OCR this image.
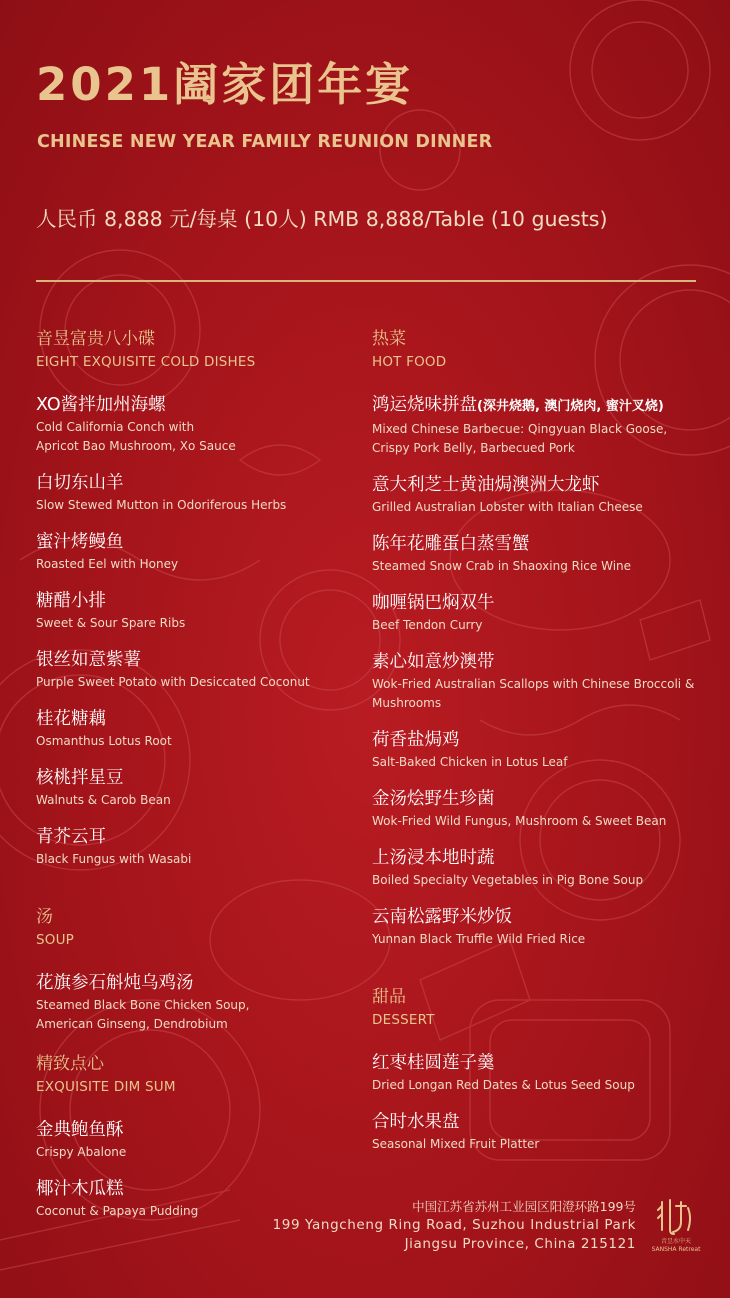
2021阖家团年宴
CHINESE NEW YEAR FAMILY REUNION DINNER
人民币 8,888 元/每桌 (10人) RMB 8,888/Table (10 guests)
音昱富贵八小碟
EIGHT EXQUISITE COLD DISHES
XO酱拌加州海螺
Cold California Conch with
Apricot Bao Mushroom, Xo Sauce
白切东山羊
Slow Stewed Mutton in Odoriferous Herbs
蜜汁烤鳗鱼
Roasted Eel with Honey
糖醋小排
Sweet & Sour Spare Ribs
银丝如意紫薯
Purple Sweet Potato with Desiccated Coconut
桂花糖藕
Osmanthus Lotus Root
核桃拌星豆
Walnuts & Carob Bean
青芥云耳
Black Fungus with Wasabi
汤
SOUP
花旗参石斛炖乌鸡汤
Steamed Black Bone Chicken Soup,
American Ginseng, Dendrobium
精致点心
EXQUISITE DIM SUM
金典鲍鱼酥
Crispy Abalone
椰汁木瓜糕
Coconut & Papaya Pudding
热菜
HOT FOOD
鸿运烧味拼盘(深井烧鹅, 澳门烧肉, 蜜汁叉烧)
Mixed Chinese Barbecue: Qingyuan Black Goose,
Crispy Pork Belly, Barbecued Pork
意大利芝士黄油焗澳洲大龙虾
Grilled Australian Lobster with Italian Cheese
陈年花雕蛋白蒸雪蟹
Steamed Snow Crab in Shaoxing Rice Wine
咖喱锅巴焖双牛
Beef Tendon Curry
素心如意炒澳带
Wok-Fried Australian Scallops with Chinese Broccoli &
Mushrooms
荷香盐焗鸡
Salt-Baked Chicken in Lotus Leaf
金汤烩野生珍菌
Wok-Fried Wild Fungus, Mushroom & Sweet Bean
上汤浸本地时蔬
Boiled Specialty Vegetables in Pig Bone Soup
云南松露野米炒饭
Yunnan Black Truffle Wild Fried Rice
甜品
DESSERT
红枣桂圆莲子羹
Dried Longan Red Dates & Lotus Seed Soup
合时水果盘
Seasonal Mixed Fruit Platter
中国江苏省苏州工业园区阳澄环路199号
199 Yangcheng Ring Road, Suzhou Industrial Park
Jiangsu Province, China 215121	音昱水中天
SANSHA Retreat
